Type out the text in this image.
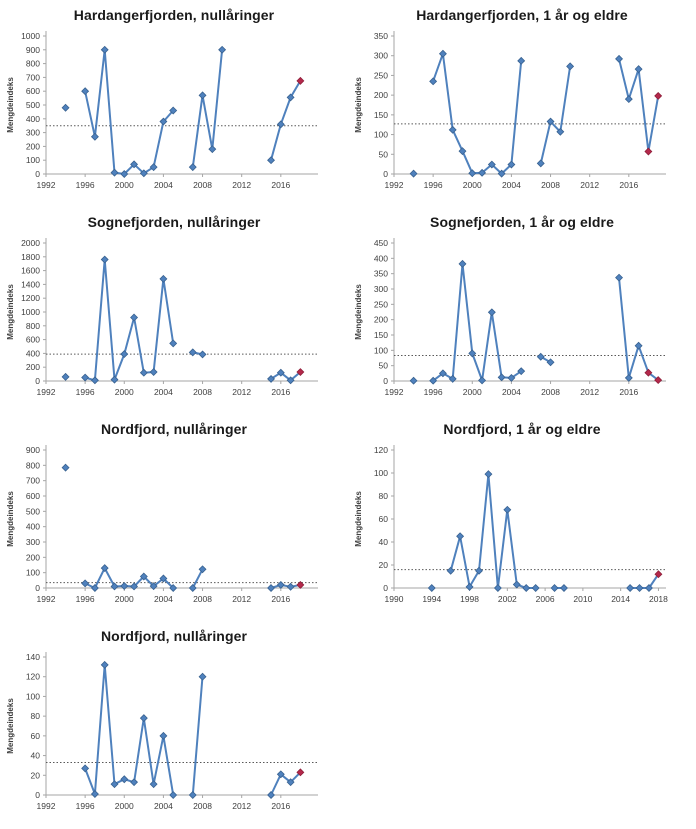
Hardangerfjorden, nullåringer
0
100
200
300
400
500
600
700
800
900
1000
1992 1996 2000 2004 2008 2012 2016
Mengdeindeks
Hardangerfjorden, 1 år og eldre
0
50
100
150
200
250
300
350
1992 1996 2000 2004 2008 2012 2016
Mengdeindeks
Sognefjorden, nullåringer
0
200
400
600
800
1000
1200
1400
1600
1800
2000
1992 1996 2000 2004 2008 2012 2016
Mengdeindeks
Sognefjorden, 1 år og eldre
0
50
100
150
200
250
300
350
400
450
1992 1996 2000 2004 2008 2012 2016
Mengdeindeks
Nordfjord, nullåringer
0
100
200
300
400
500
600
700
800
900
1992 1996 2000 2004 2008 2012 2016
Mengdeindeks
Nordfjord, 1 år og eldre
0
20
40
60
80
100
120
1990 1994 1998 2002 2006 2010 2014 2018
Mengdeindeks
Nordfjord, nullåringer
0
20
40
60
80
100
120
140
1992 1996 2000 2004 2008 2012 2016
Mengdeindeks
